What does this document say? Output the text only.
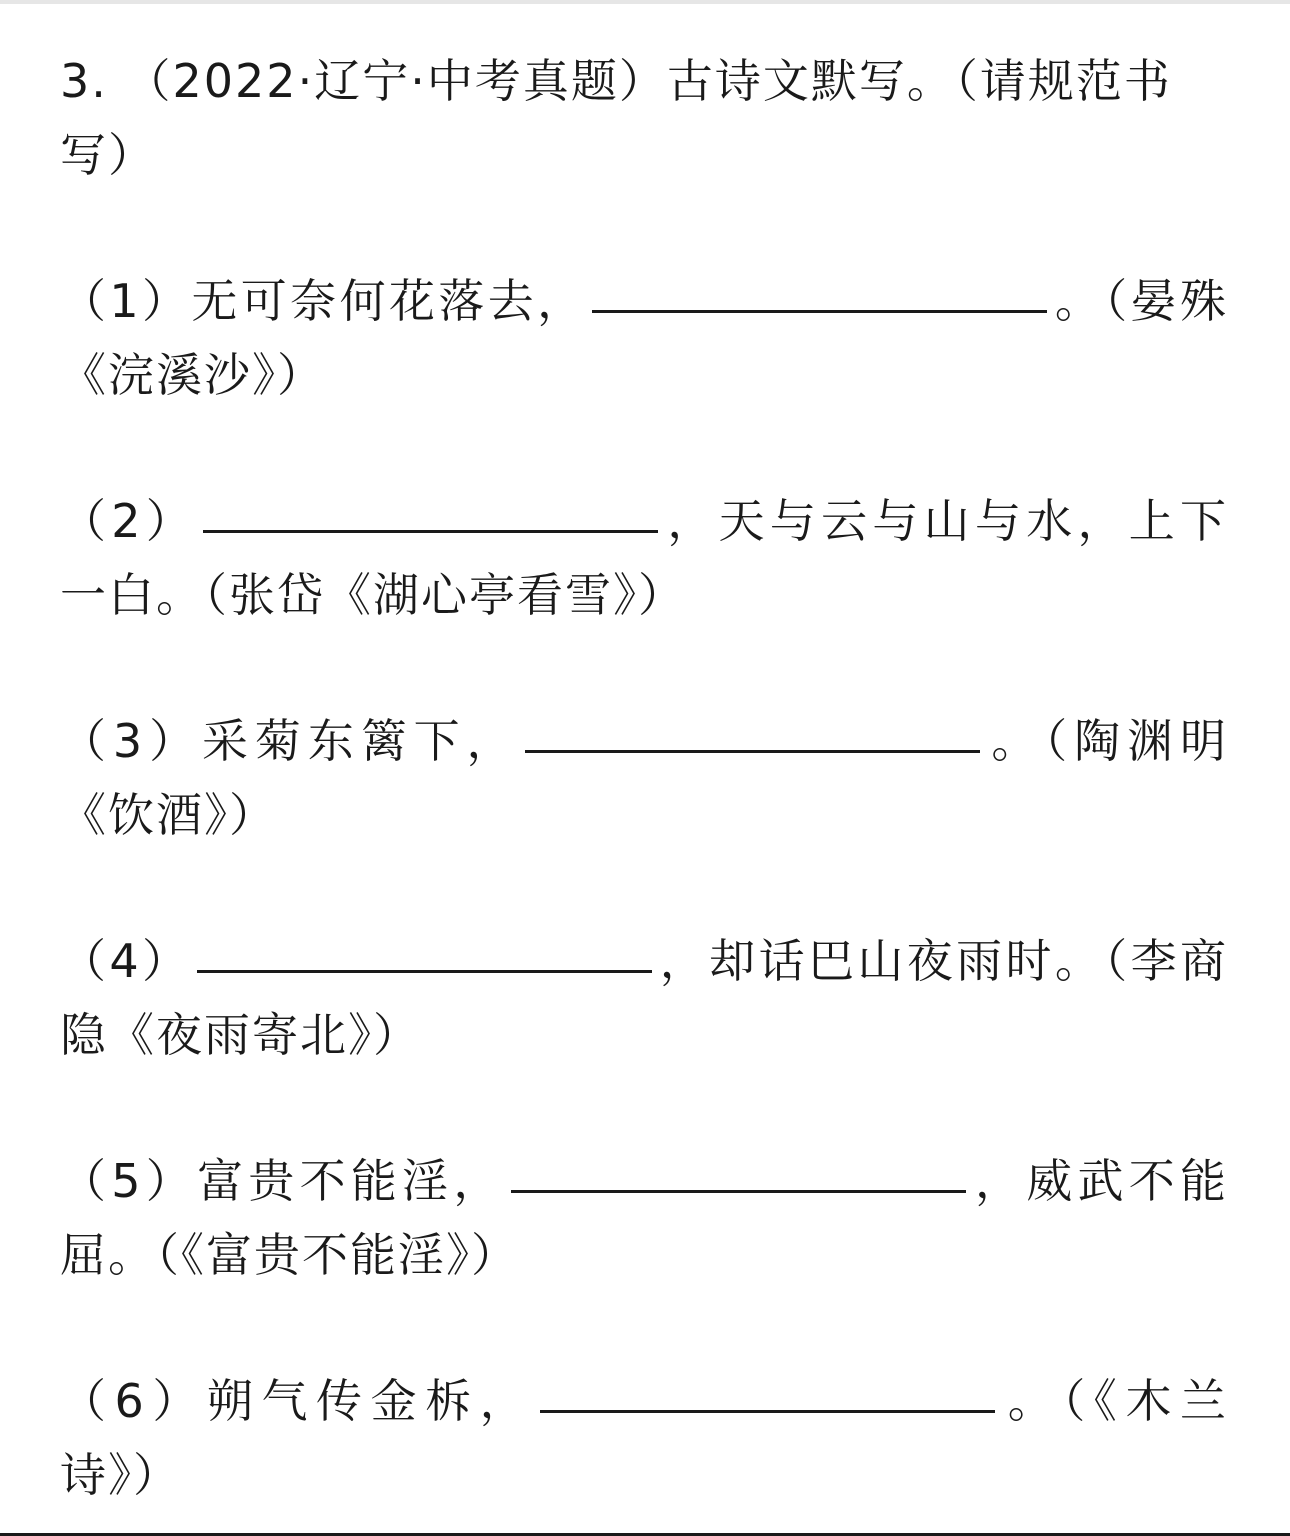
3. （2022·辽宁·中考真题）古诗文默写。（请规范书写）
（1）无可奈何花落去，	。（晏殊《浣溪沙》）
（2）	，天与云与山与水，上下一白。（张岱《湖心亭看雪》）
（3）采菊东篱下，	。（陶渊明《饮酒》）
（4）	，却话巴山夜雨时。（李商隐《夜雨寄北》）
（5）富贵不能淫，	，威武不能屈。（《富贵不能淫》）
（6）朔气传金柝，	。（《木兰诗》）
